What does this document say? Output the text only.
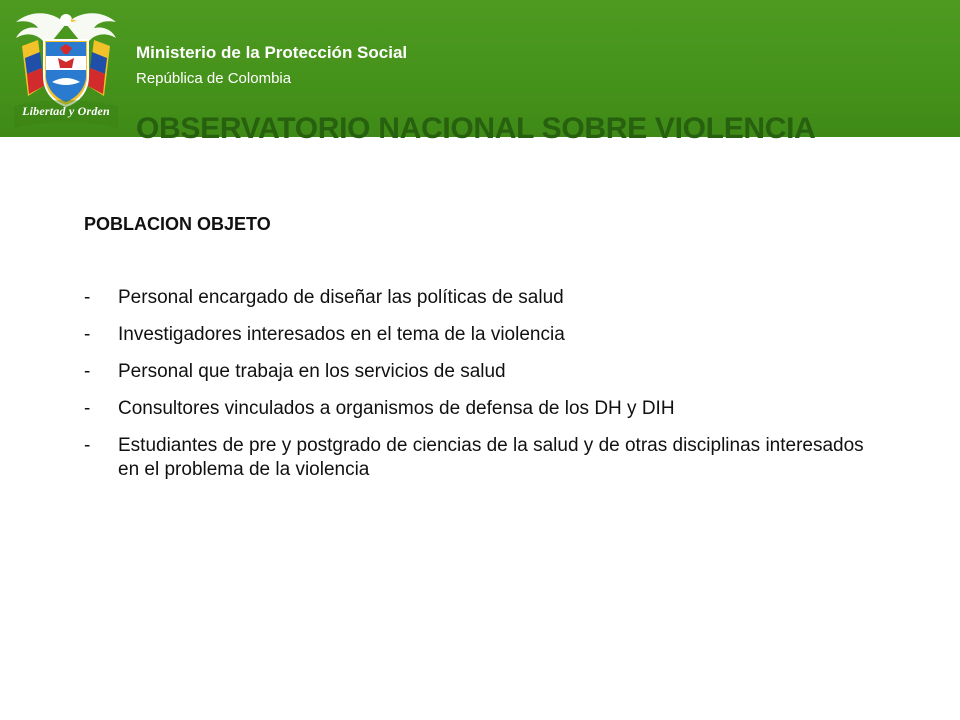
Libertad y Orden
Ministerio de la Protección Social
República de Colombia
OBSERVATORIO NACIONAL SOBRE VIOLENCIA
POBLACION OBJETO
- Personal encargado de diseñar las políticas de salud
- Investigadores interesados en el tema de la violencia
- Personal que trabaja en los servicios de salud
- Consultores vinculados a organismos de defensa de los DH y DIH
- Estudiantes de pre y postgrado de ciencias de la salud y de otras disciplinas interesados en el problema de la violencia
